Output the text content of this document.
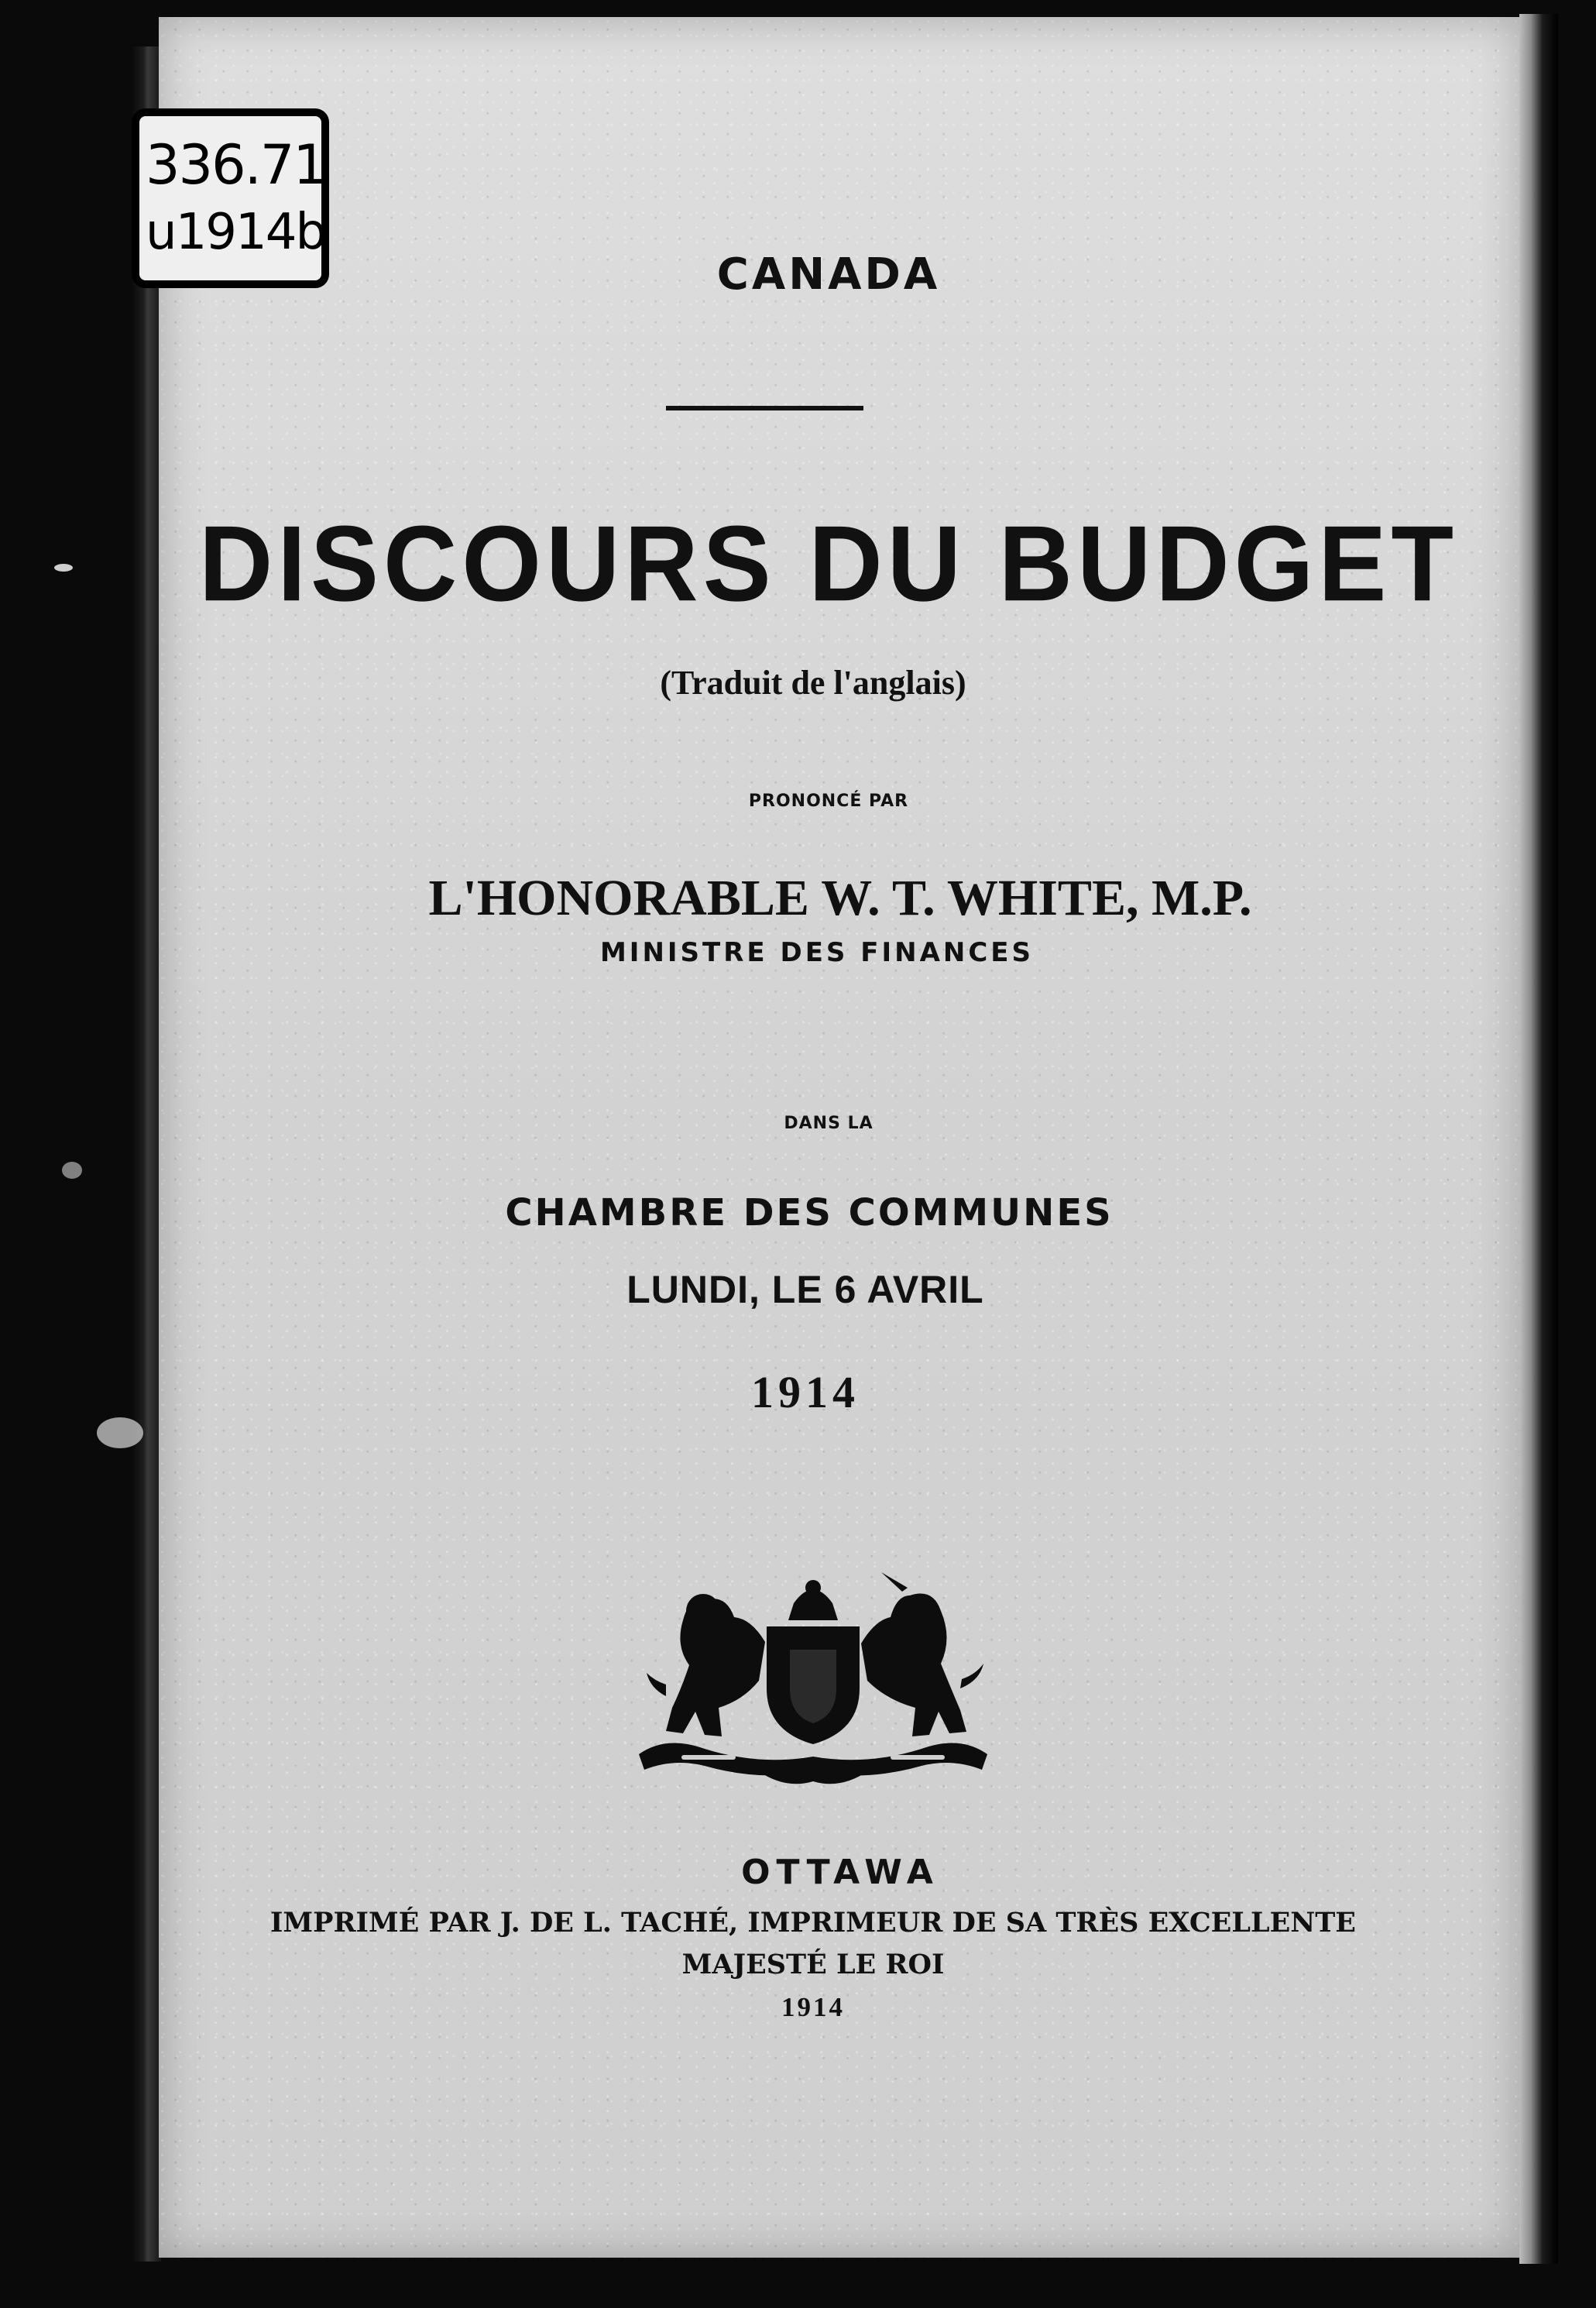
336.71
u1914b
CANADA
DISCOURS DU BUDGET
(Traduit de l'anglais)
PRONONCÉ PAR
L'HONORABLE W. T. WHITE, M.P.
MINISTRE DES FINANCES
DANS LA
CHAMBRE DES COMMUNES
LUNDI, LE 6 AVRIL
1914
OTTAWA
IMPRIMÉ PAR J. DE L. TACHÉ, IMPRIMEUR DE SA TRÈS EXCELLENTE
MAJESTÉ LE ROI
1914
